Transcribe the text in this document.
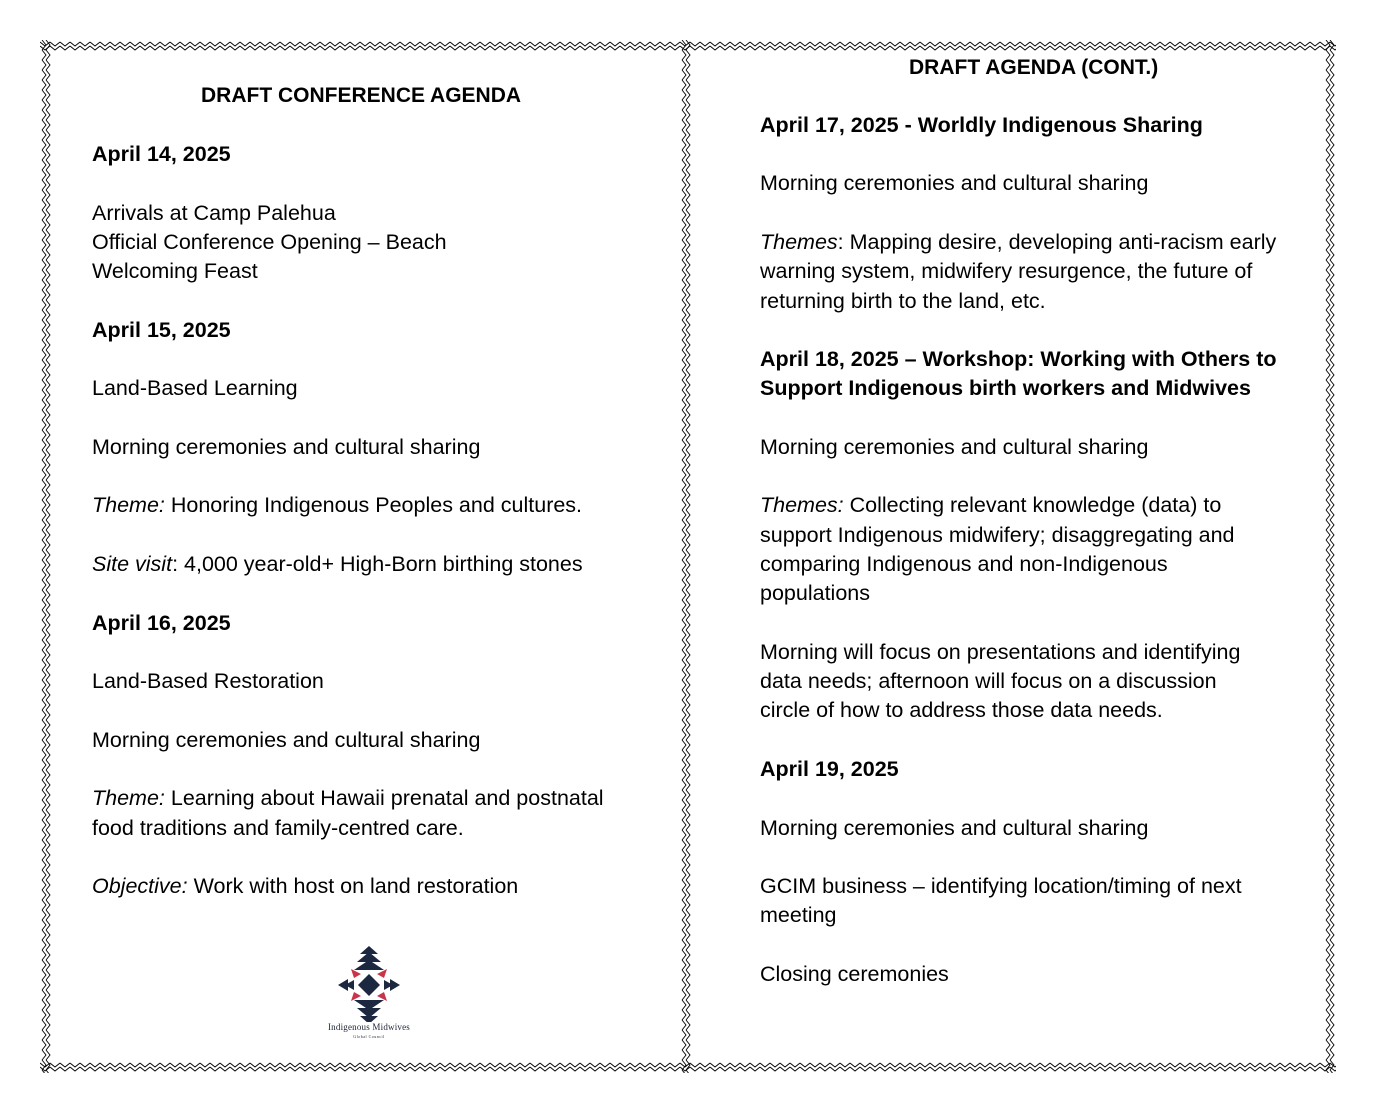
DRAFT CONFERENCE AGENDA
April 14, 2025
Arrivals at Camp Palehua
Official Conference Opening – Beach
Welcoming Feast
April 15, 2025
Land-Based Learning
Morning ceremonies and cultural sharing
Theme: Honoring Indigenous Peoples and cultures.
Site visit: 4,000 year-old+ High-Born birthing stones
April 16, 2025
Land-Based Restoration
Morning ceremonies and cultural sharing
Theme: Learning about Hawaii prenatal and postnatal
food traditions and family-centred care.
Objective: Work with host on land restoration
Indigenous Midwives
Global Council
DRAFT AGENDA (CONT.)
April 17, 2025 - Worldly Indigenous Sharing
Morning ceremonies and cultural sharing
Themes: Mapping desire, developing anti-racism early
warning system, midwifery resurgence, the future of
returning birth to the land, etc.
April 18, 2025 – Workshop: Working with Others to
Support Indigenous birth workers and Midwives
Morning ceremonies and cultural sharing
Themes: Collecting relevant knowledge (data) to
support Indigenous midwifery; disaggregating and
comparing Indigenous and non-Indigenous
populations
Morning will focus on presentations and identifying
data needs; afternoon will focus on a discussion
circle of how to address those data needs.
April 19, 2025
Morning ceremonies and cultural sharing
GCIM business – identifying location/timing of next
meeting
Closing ceremonies
